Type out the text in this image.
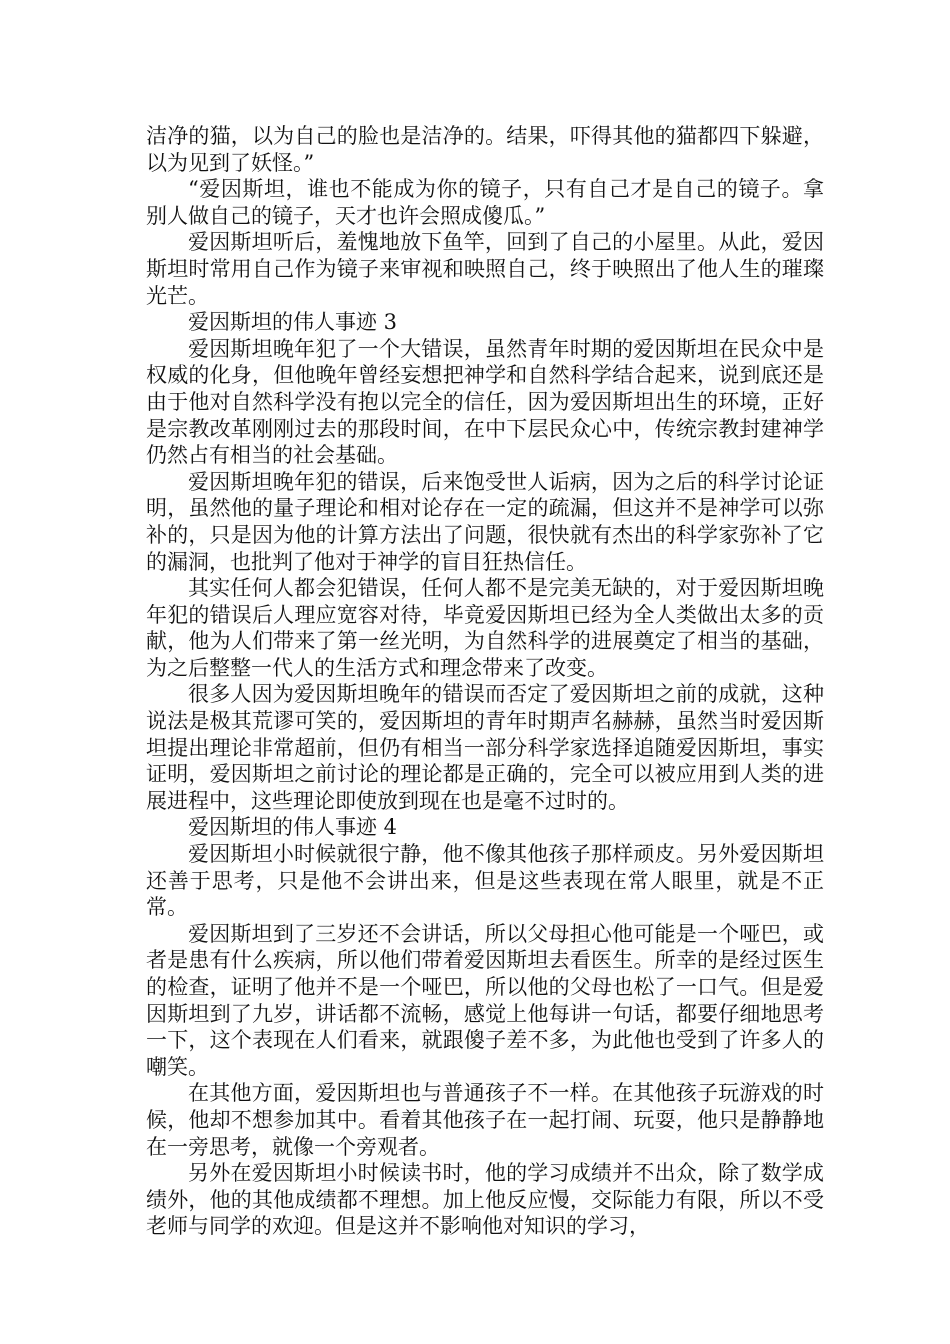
洁净的猫，以为自己的脸也是洁净的。结果，吓得其他的猫都四下躲避，以为见到了妖怪。”

“爱因斯坦，谁也不能成为你的镜子，只有自己才是自己的镜子。拿别人做自己的镜子，天才也许会照成傻瓜。”

爱因斯坦听后，羞愧地放下鱼竿，回到了自己的小屋里。从此，爱因斯坦时常用自己作为镜子来审视和映照自己，终于映照出了他人生的璀璨光芒。

爱因斯坦的伟人事迹 3

爱因斯坦晚年犯了一个大错误，虽然青年时期的爱因斯坦在民众中是权威的化身，但他晚年曾经妄想把神学和自然科学结合起来，说到底还是由于他对自然科学没有抱以完全的信任，因为爱因斯坦出生的环境，正好是宗教改革刚刚过去的那段时间，在中下层民众心中，传统宗教封建神学仍然占有相当的社会基础。

爱因斯坦晚年犯的错误，后来饱受世人诟病，因为之后的科学讨论证明，虽然他的量子理论和相对论存在一定的疏漏，但这并不是神学可以弥补的，只是因为他的计算方法出了问题，很快就有杰出的科学家弥补了它的漏洞，也批判了他对于神学的盲目狂热信任。

其实任何人都会犯错误，任何人都不是完美无缺的，对于爱因斯坦晚年犯的错误后人理应宽容对待，毕竟爱因斯坦已经为全人类做出太多的贡献，他为人们带来了第一丝光明，为自然科学的进展奠定了相当的基础，为之后整整一代人的生活方式和理念带来了改变。

很多人因为爱因斯坦晚年的错误而否定了爱因斯坦之前的成就，这种说法是极其荒谬可笑的，爱因斯坦的青年时期声名赫赫，虽然当时爱因斯坦提出理论非常超前，但仍有相当一部分科学家选择追随爱因斯坦，事实证明，爱因斯坦之前讨论的理论都是正确的，完全可以被应用到人类的进展进程中，这些理论即使放到现在也是毫不过时的。

爱因斯坦的伟人事迹 4

爱因斯坦小时候就很宁静，他不像其他孩子那样顽皮。另外爱因斯坦还善于思考，只是他不会讲出来，但是这些表现在常人眼里，就是不正常。

爱因斯坦到了三岁还不会讲话，所以父母担心他可能是一个哑巴，或者是患有什么疾病，所以他们带着爱因斯坦去看医生。所幸的是经过医生的检查，证明了他并不是一个哑巴，所以他的父母也松了一口气。但是爱因斯坦到了九岁，讲话都不流畅，感觉上他每讲一句话，都要仔细地思考一下，这个表现在人们看来，就跟傻子差不多，为此他也受到了许多人的嘲笑。

在其他方面，爱因斯坦也与普通孩子不一样。在其他孩子玩游戏的时候，他却不想参加其中。看着其他孩子在一起打闹、玩耍，他只是静静地在一旁思考，就像一个旁观者。

另外在爱因斯坦小时候读书时，他的学习成绩并不出众，除了数学成绩外，他的其他成绩都不理想。加上他反应慢，交际能力有限，所以不受老师与同学的欢迎。但是这并不影响他对知识的学习，
